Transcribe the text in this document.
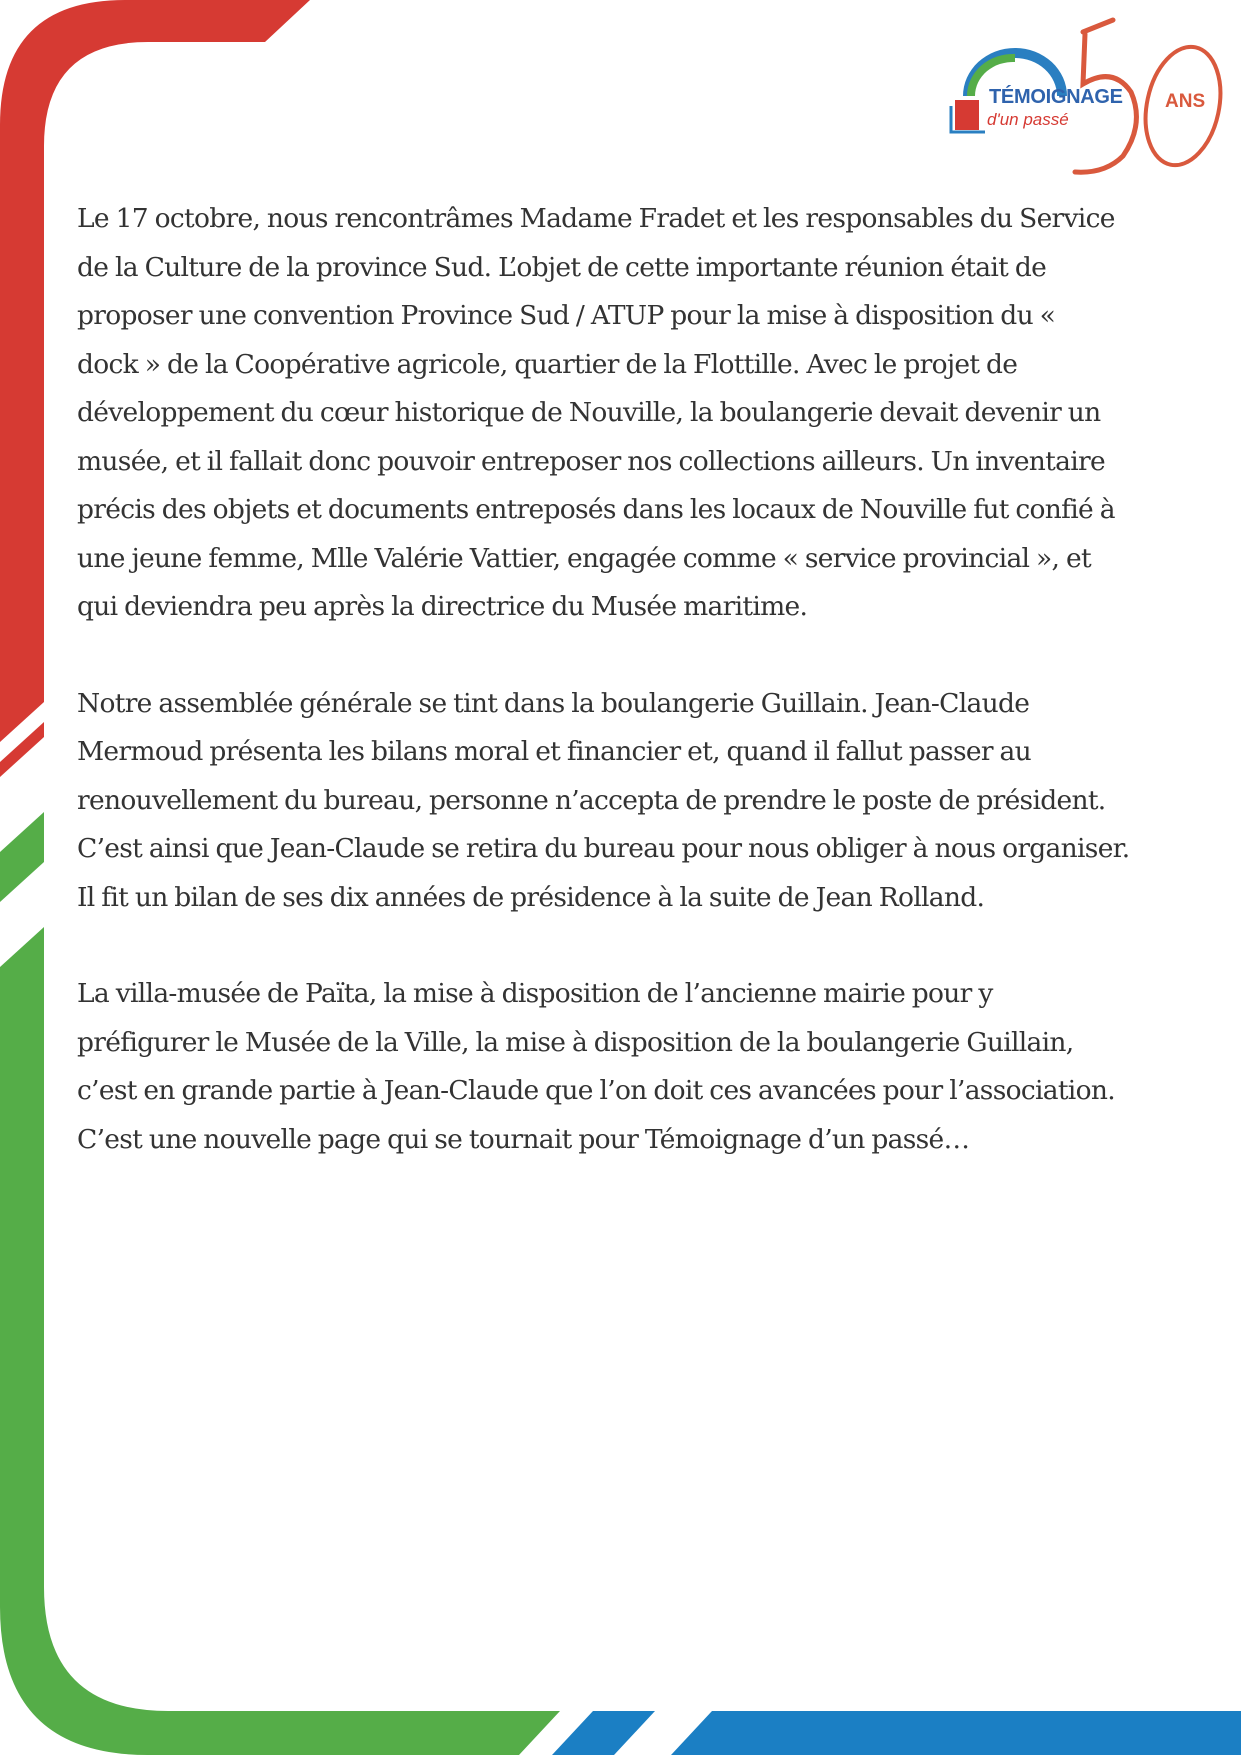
TÉMOIGNAGE
d'un passé
ANS

Le 17 octobre, nous rencontrâmes Madame Fradet et les responsables du Service
de la Culture de la province Sud. L’objet de cette importante réunion était de
proposer une convention Province Sud / ATUP pour la mise à disposition du «
dock » de la Coopérative agricole, quartier de la Flottille. Avec le projet de
développement du cœur historique de Nouville, la boulangerie devait devenir un
musée, et il fallait donc pouvoir entreposer nos collections ailleurs. Un inventaire
précis des objets et documents entreposés dans les locaux de Nouville fut confié à
une jeune femme, Mlle Valérie Vattier, engagée comme « service provincial », et
qui deviendra peu après la directrice du Musée maritime.

Notre assemblée générale se tint dans la boulangerie Guillain. Jean-Claude
Mermoud présenta les bilans moral et financier et, quand il fallut passer au
renouvellement du bureau, personne n’accepta de prendre le poste de président.
C’est ainsi que Jean-Claude se retira du bureau pour nous obliger à nous organiser.
Il fit un bilan de ses dix années de présidence à la suite de Jean Rolland.

La villa-musée de Païta, la mise à disposition de l’ancienne mairie pour y
préfigurer le Musée de la Ville, la mise à disposition de la boulangerie Guillain,
c’est en grande partie à Jean-Claude que l’on doit ces avancées pour l’association.
C’est une nouvelle page qui se tournait pour Témoignage d’un passé…
